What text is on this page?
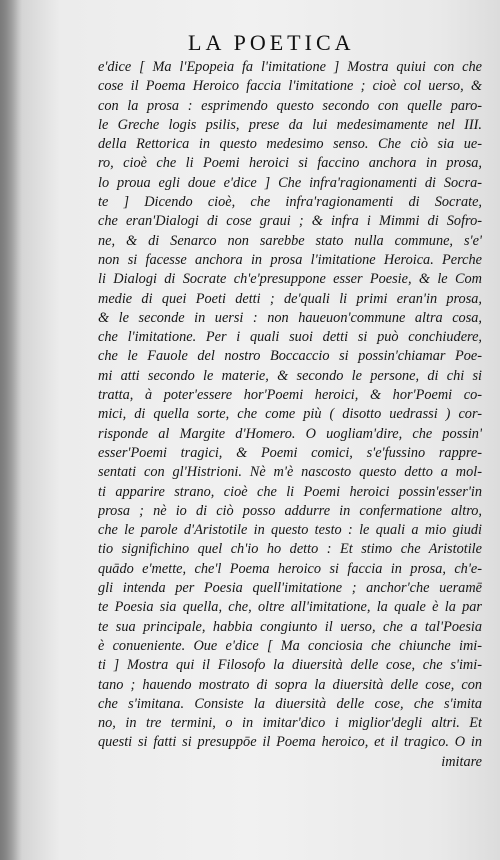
LA POETICA
e'dice [ Ma l'Epopeia fa l'imitatione ] Mostra quiui con che
cose il Poema Heroico faccia l'imitatione ; cioè col uerso, &
con la prosa : esprimendo questo secondo con quelle paro-
le Greche logis psilis, prese da lui medesimamente nel III.
della Rettorica in questo medesimo senso. Che ciò sia ue-
ro, cioè che li Poemi heroici si faccino anchora in prosa,
lo proua egli doue e'dice ] Che infra'ragionamenti di Socra-
te ] Dicendo cioè, che infra'ragionamenti di Socrate,
che eran'Dialogi di cose graui ; & infra i Mimmi di Sofro-
ne, & di Senarco non sarebbe stato nulla commune, s'e'
non si facesse anchora in prosa l'imitatione Heroica. Perche
li Dialogi di Socrate ch'e'presuppone esser Poesie, & le Com
medie di quei Poeti detti ; de'quali li primi eran'in prosa,
& le seconde in uersi : non haueuon'commune altra cosa,
che l'imitatione. Per i quali suoi detti si può conchiudere,
che le Fauole del nostro Boccaccio si possin'chiamar Poe-
mi atti secondo le materie, & secondo le persone, di chi si
tratta, à poter'essere hor'Poemi heroici, & hor'Poemi co-
mici, di quella sorte, che come più ( disotto uedrassi ) cor-
risponde al Margite d'Homero. O uogliam'dire, che possin'
esser'Poemi tragici, & Poemi comici, s'e'fussino rappre-
sentati con gl'Histrioni. Nè m'è nascosto questo detto a mol-
ti apparire strano, cioè che li Poemi heroici possin'esser'in
prosa ; nè io di ciò posso addurre in confermatione altro,
che le parole d'Aristotile in questo testo : le quali a mio giudi
tio significhino quel ch'io ho detto : Et stimo che Aristotile
quādo e'mette, che'l Poema heroico si faccia in prosa, ch'e-
gli intenda per Poesia quell'imitatione ; anchor'che ueramē
te Poesia sia quella, che, oltre all'imitatione, la quale è la par
te sua principale, habbia congiunto il uerso, che a tal'Poesia
è conueniente. Oue e'dice [ Ma conciosia che chiunche imi-
ti ] Mostra qui il Filosofo la diuersità delle cose, che s'imi-
tano ; hauendo mostrato di sopra la diuersità delle cose, con
che s'imitana. Consiste la diuersità delle cose, che s'imita
no, in tre termini, o in imitar'dico i miglior'degli altri. Et
questi si fatti si presuppōe il Poema heroico, et il tragico. O in
imitare
